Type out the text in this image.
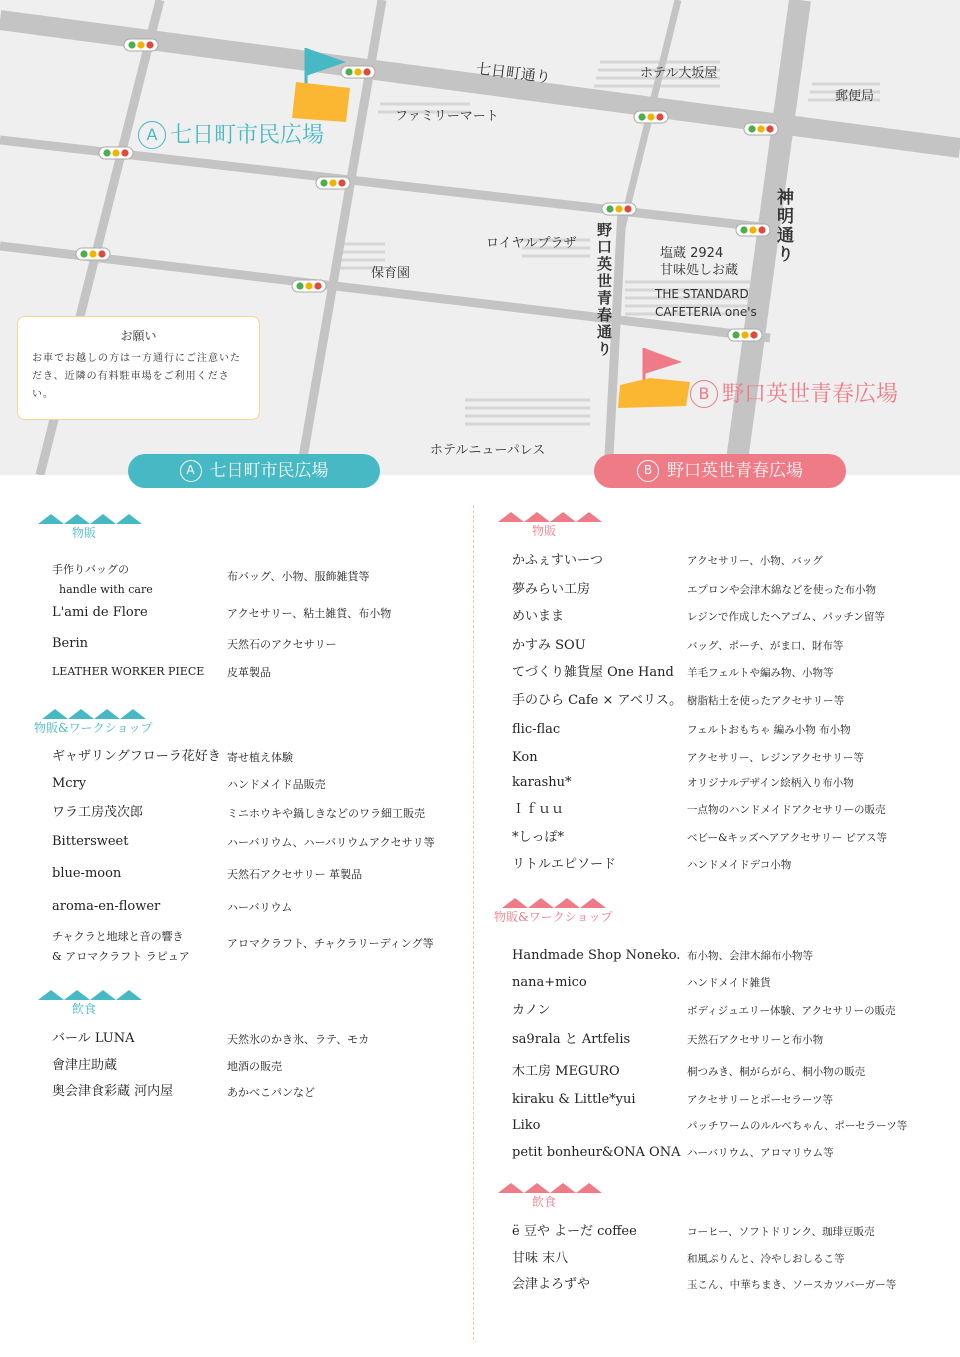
七日町通り	ホテル大坂屋
郵便局
ファミリーマート
ロイヤルプラザ
保育園
塩蔵 2924
甘味処しお蔵
THE STANDARD
CAFETERIA one's
野口英世青春通り	神明通り
ホテルニューパレス
A 七日町市民広場
B 野口英世青春広場
お願い
お車でお越しの方は一方通行にご注意いただき、近隣の有料駐車場をご利用ください。
A 七日町市民広場	B 野口英世青春広場
物販
手作りバッグの
handle with care
布バッグ、小物、服飾雑貨等
L'ami de Flore	アクセサリー、粘土雑貨、布小物
Berin	天然石のアクセサリー
LEATHER WORKER PIECE 皮革製品
物販&ワークショップ
ギャザリングフローラ花好き 寄せ植え体験
Mcry	ハンドメイド品販売
ワラ工房茂次郎	ミニホウキや鍋しきなどのワラ細工販売
Bittersweet	ハーバリウム、ハーバリウムアクセサリ等
blue-moon	天然石アクセサリー 革製品
aroma-en-flower	ハーバリウム
チャクラと地球と音の響き
& アロマクラフト ラピュア
アロマクラフト、チャクラリーディング等
飲食
バール LUNA	天然氷のかき氷、ラテ、モカ
會津庄助蔵	地酒の販売
奥会津食彩蔵 河内屋	あかべこパンなど
物販
かふぇすいーつ	アクセサリー、小物、バッグ
夢みらい工房	エプロンや会津木綿などを使った布小物
めいまま	レジンで作成したヘアゴム、パッチン留等
かすみ SOU	バッグ、ポーチ、がま口、財布等
てづくり雑貨屋 One Hand 羊毛フェルトや編み物、小物等
手のひら Cafe × アベリス。 樹脂粘土を使ったアクセサリー等
flic-flac	フェルトおもちゃ 編み小物 布小物
Kon	アクセサリー、レジンアクセサリー等
karashu*	オリジナルデザイン絵柄入り布小物
Ｉｆｕｕ	一点物のハンドメイドアクセサリーの販売
*しっぽ*	ベビー&キッズヘアアクセサリー ピアス等
リトルエピソード	ハンドメイドデコ小物
物販&ワークショップ
Handmade Shop Noneko. 布小物、会津木綿布小物等
nana+mico	ハンドメイド雑貨
カノン	ボディジュエリー体験、アクセサリーの販売
sa9rala と Artfelis	天然石アクセサリーと布小物
木工房 MEGURO	桐つみき、桐がらがら、桐小物の販売
kiraku & Little*yui	アクセサリーとポーセラーツ等
Liko	パッチワームのルルべちゃん、ポーセラーツ等
petit bonheur&ONA ONA ハーバリウム、アロマリウム等
飲食
ё 豆や よーだ coffee	コーヒー、ソフトドリンク、珈琲豆販売
甘味 末八	和風ぷりんと、冷やしおしるこ等
会津よろずや	玉こん、中華ちまき、ソースカツバーガー等
